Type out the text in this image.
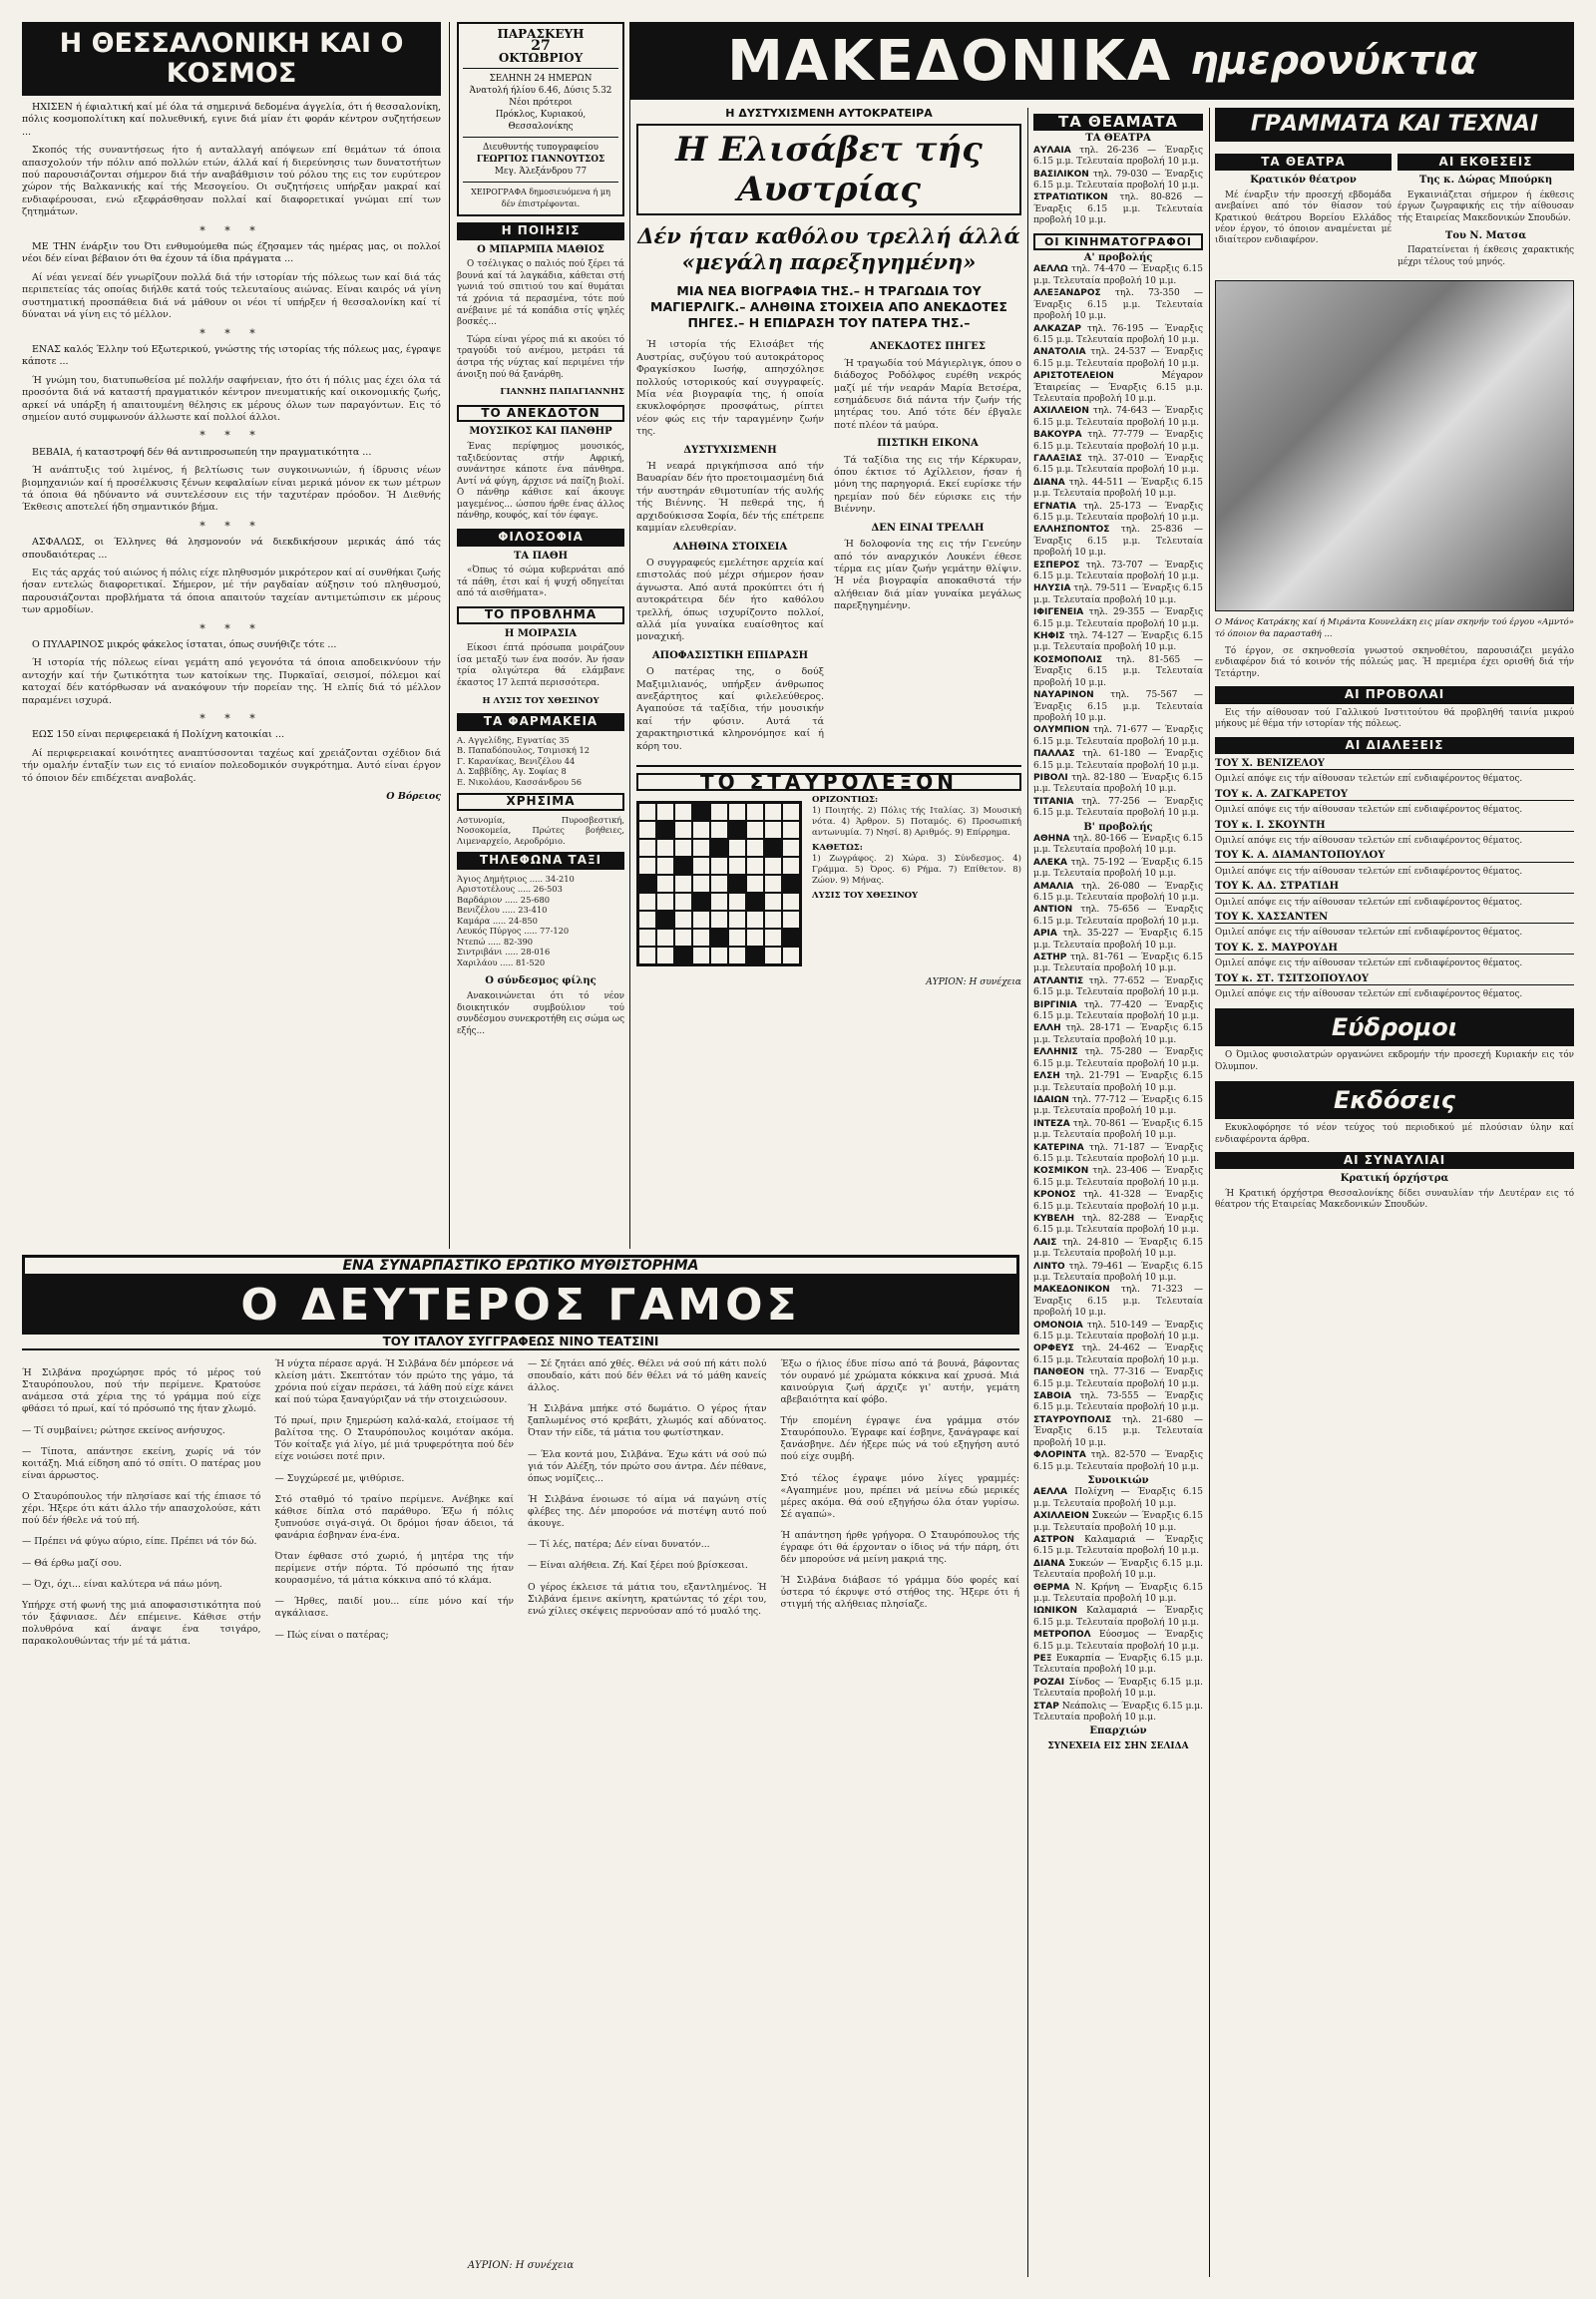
Η ΘΕΣΣΑΛΟΝΙΚΗ ΚΑΙ Ο ΚΟΣΜΟΣ

ΗΧΙΣΕΝ ή έφιαλτική καί μέ όλα τά σημερινά δεδομένα άγγελία, ότι ή θεσσαλονίκη, πόλις κοσμοπολίτικη καί πολυεθνική, εγινε διά μίαν έτι φοράν κέντρον συζητήσεων ...

Σκοπός τής συναντήσεως ήτο ή ανταλλαγή απόψεων επί θεμάτων τά όποια απασχολούν τήν πόλιν από πολλών ετών, άλλά καί ή διερεύνησις των δυνατοτήτων πού παρουσιάζονται σήμερον διά τήν αναβάθμισιν τού ρόλου της εις τον ευρύτερον χώρον τής Βαλκανικής καί τής Μεσογείου. Οι συζητήσεις υπήρξαν μακραί καί ενδιαφέρουσαι, ενώ εξεφράσθησαν πολλαί καί διαφορετικαί γνώμαι επί των ζητημάτων.

* * *

ΜΕ ΤΗΝ ένάρξιν του Ότι ενθυμούμεθα πώς έζησαμεν τάς ημέρας μας, οι πολλοί νέοι δέν είναι βέβαιον ότι θα έχουν τά ίδια πράγματα ...

Αί νέαι γενεαί δέν γνωρίζουν πολλά διά τήν ιστορίαν τής πόλεως των καί διά τάς περιπετείας τάς οποίας διήλθε κατά τούς τελευταίους αιώνας. Είναι καιρός νά γίνη συστηματική προσπάθεια διά νά μάθουν οι νέοι τί υπήρξεν ή θεσσαλονίκη καί τί δύναται νά γίνη εις τό μέλλον.

* * *

ΕΝΑΣ καλός Έλλην τού Εξωτερικού, γνώστης τής ιστορίας τής πόλεως μας, έγραψε κάποτε ...

Ή γνώμη του, διατυπωθείσα μέ πολλήν σαφήνειαν, ήτο ότι ή πόλις μας έχει όλα τά προσόντα διά νά καταστή πραγματικόν κέντρον πνευματικής καί οικονομικής ζωής, αρκεί νά υπάρξη ή απαιτουμένη θέλησις εκ μέρους όλων των παραγόντων. Εις τό σημείον αυτό συμφωνούν άλλωστε καί πολλοί άλλοι.

* * *

ΒΕΒΑΙΑ, ή καταστροφή δέν θά αντιπροσωπεύη την πραγματικότητα ...

Ή ανάπτυξις τού λιμένος, ή βελτίωσις των συγκοινωνιών, ή ίδρυσις νέων βιομηχανιών καί ή προσέλκυσις ξένων κεφαλαίων είναι μερικά μόνον εκ των μέτρων τά όποια θά ηδύναντο νά συντελέσουν εις τήν ταχυτέραν πρόοδον. Ή Διεθνής Έκθεσις αποτελεί ήδη σημαντικόν βήμα.

* * *

ΑΣΦΑΛΩΣ, οι Έλληνες θά λησμονούν νά διεκδικήσουν μερικάς άπό τάς σπουδαιότερας ...

Εις τάς αρχάς τού αιώνος ή πόλις είχε πληθυσμόν μικρότερον καί αί συνθήκαι ζωής ήσαν εντελώς διαφορετικαί. Σήμερον, μέ τήν ραγδαίαν αύξησιν τού πληθυσμού, παρουσιάζονται προβλήματα τά όποια απαιτούν ταχείαν αντιμετώπισιν εκ μέρους των αρμοδίων.

* * *

Ο ΠΥΛΑΡΙΝΟΣ μικρός φάκελος ίσταται, όπως συνήθιζε τότε ...

Ή ιστορία τής πόλεως είναι γεμάτη από γεγονότα τά όποια αποδεικνύουν τήν αντοχήν καί τήν ζωτικότητα των κατοίκων της. Πυρκαϊαί, σεισμοί, πόλεμοι καί κατοχαί δέν κατόρθωσαν νά ανακόψουν τήν πορείαν της. Ή ελπίς διά τό μέλλον παραμένει ισχυρά.

* * *

ΕΩΣ 150 είναι περιφερειακά ή Πολίχνη κατοικίαι ...

Αί περιφερειακαί κοινότητες αναπτύσσονται ταχέως καί χρειάζονται σχέδιον διά τήν ομαλήν ένταξίν των εις τό ενιαίον πολεοδομικόν συγκρότημα. Αυτό είναι έργον τό όποιον δέν επιδέχεται αναβολάς.

Ο Βόρειος
ΠΑΡΑΣΚΕΥΗ
27
ΟΚΤΩΒΡΙΟΥ
ΣΕΛΗΝΗ 24 ΗΜΕΡΩΝ
Άνατολή ήλίου 6.46, Δύσις 5.32
Νέοι πρότεροι
Πρόκλος, Κυριακού, Θεσσαλονίκης
Διευθυντής τυπογραφείου
ΓΕΩΡΓΙΟΣ ΓΙΑΝΝΟΥΤΣΟΣ
Μεγ. Άλεξάνδρου 77
ΧΕΙΡΟΓΡΑΦΑ δημοσιευόμενα ή μη δέν έπιστρέφονται.
Η ΠΟΙΗΣΙΣ
Ο ΜΠΑΡΜΠΑ ΜΑΘΙΟΣ

Ο τσέλιγκας ο παλιός πού ξέρει τά βουνά καί τά λαγκάδια, κάθεται στή γωνιά τού σπιτιού του καί θυμάται τά χρόνια τά περασμένα, τότε πού ανέβαινε μέ τά κοπάδια στίς ψηλές βοσκές...

Τώρα είναι γέρος πιά κι ακούει τό τραγούδι τού ανέμου, μετράει τά άστρα τής νύχτας καί περιμένει τήν άνοιξη πού θά ξανάρθη.

ΓΙΑΝΝΗΣ ΠΑΠΑΓΙΑΝΝΗΣ
ΤΟ ΑΝΕΚΔΟΤΟΝ
ΜΟΥΣΙΚΟΣ ΚΑΙ ΠΑΝΘΗΡ

Ένας περίφημος μουσικός, ταξιδεύοντας στήν Αφρική, συνάντησε κάποτε ένα πάνθηρα. Αντί νά φύγη, άρχισε νά παίζη βιολί. Ο πάνθηρ κάθισε καί άκουγε μαγεμένος... ώσπου ήρθε ένας άλλος πάνθηρ, κουφός, καί τόν έφαγε.

ΦΙΛΟΣΟΦΙΑ
ΤΑ ΠΑΘΗ

«Όπως τό σώμα κυβερνάται από τά πάθη, έτσι καί ή ψυχή οδηγείται από τά αισθήματα».

ΤΟ ΠΡΟΒΛΗΜΑ
Η ΜΟΙΡΑΣΙΑ

Είκοσι έπτά πρόσωπα μοιράζουν ίσα μεταξύ των ένα ποσόν. Άν ήσαν τρία ολιγώτερα θά ελάμβανε έκαστος 17 λεπτά περισσότερα.

Η ΛΥΣΙΣ ΤΟΥ ΧΘΕΣΙΝΟΥ
ΤΑ ΦΑΡΜΑΚΕΙΑ
Α. Αγγελίδης, Εγνατίας 35
Β. Παπαδόπουλος, Τσιμισκή 12
Γ. Καρανίκας, Βενιζέλου 44
Δ. Σαββίδης, Αγ. Σοφίας 8
Ε. Νικολάου, Κασσάνδρου 56
ΧΡΗΣΙΜΑ
Αστυνομία, Πυροσβεστική, Νοσοκομεία, Πρώτες βοήθειες, Λιμεναρχείο, Αεροδρόμιο.
ΤΗΛΕΦΩΝΑ ΤΑΞΙ
Άγιος Δημήτριος ..... 34-210
Αριστοτέλους ..... 26-503
Βαρδάριον ..... 25-680
Βενιζέλου ..... 23-410
Καμάρα ..... 24-850
Λευκός Πύργος ..... 77-120
Ντεπώ ..... 82-390
Σιντριβάνι ..... 28-016
Χαριλάου ..... 81-520
Ο σύνδεσμος φίλης

Ανακοινώνεται ότι τό νέον διοικητικόν συμβούλιον τού συνδέσμου συνεκροτήθη εις σώμα ως εξής...

ΜΑΚΕΔΟΝΙΚΑ ημερονύκτια
Η ΔΥΣΤΥΧΙΣΜΕΝΗ ΑΥΤΟΚΡΑΤΕΙΡΑ
Η Ελισάβετ τής Αυστρίας
Δέν ήταν καθόλου τρελλή άλλά «μεγάλη παρεξηγημένη»
ΜΙΑ ΝΕΑ ΒΙΟΓΡΑΦΙΑ ΤΗΣ.– Η ΤΡΑΓΩΔΙΑ ΤΟΥ ΜΑΓΙΕΡΛΙΓΚ.– ΑΛΗΘΙΝΑ ΣΤΟΙΧΕΙΑ ΑΠΟ ΑΝΕΚΔΟΤΕΣ ΠΗΓΕΣ.– Η ΕΠΙΔΡΑΣΗ ΤΟΥ ΠΑΤΕΡΑ ΤΗΣ.–

Ή ιστορία τής Ελισάβετ τής Αυστρίας, συζύγου τού αυτοκράτορος Φραγκίσκου Ιωσήφ, απησχόλησε πολλούς ιστορικούς καί συγγραφείς. Μία νέα βιογραφία της, ή οποία εκυκλοφόρησε προσφάτως, ρίπτει νέον φώς εις τήν ταραγμένην ζωήν της.

ΔΥΣΤΥΧΙΣΜΕΝΗ

Ή νεαρά πριγκήπισσα από τήν Βαυαρίαν δέν ήτο προετοιμασμένη διά τήν αυστηράν εθιμοτυπίαν τής αυλής τής Βιέννης. Ή πεθερά της, ή αρχιδούκισσα Σοφία, δέν τής επέτρεπε καμμίαν ελευθερίαν.

ΑΛΗΘΙΝΑ ΣΤΟΙΧΕΙΑ

Ο συγγραφεύς εμελέτησε αρχεία καί επιστολάς πού μέχρι σήμερον ήσαν άγνωστα. Από αυτά προκύπτει ότι ή αυτοκράτειρα δέν ήτο καθόλου τρελλή, όπως ισχυρίζοντο πολλοί, αλλά μία γυναίκα ευαίσθητος καί μοναχική.

ΑΠΟΦΑΣΙΣΤΙΚΗ ΕΠΙΔΡΑΣΗ

Ο πατέρας της, ο δούξ Μαξιμιλιανός, υπήρξεν άνθρωπος ανεξάρτητος καί φιλελεύθερος. Αγαπούσε τά ταξίδια, τήν μουσικήν καί τήν φύσιν. Αυτά τά χαρακτηριστικά κληρονόμησε καί ή κόρη του.

ΑΝΕΚΔΟΤΕΣ ΠΗΓΕΣ

Ή τραγωδία τού Μάγιερλιγκ, όπου ο διάδοχος Ροδόλφος ευρέθη νεκρός μαζί μέ τήν νεαράν Μαρία Βετσέρα, εσημάδευσε διά πάντα τήν ζωήν τής μητέρας του. Από τότε δέν έβγαλε ποτέ πλέον τά μαύρα.

ΠΙΣΤΙΚΗ ΕΙΚΟΝΑ

Τά ταξίδια της εις τήν Κέρκυραν, όπου έκτισε τό Αχίλλειον, ήσαν ή μόνη της παρηγοριά. Εκεί ευρίσκε τήν ηρεμίαν πού δέν εύρισκε εις τήν Βιέννην.

ΔΕΝ ΕΙΝΑΙ ΤΡΕΛΛΗ

Ή δολοφονία της εις τήν Γενεύην από τόν αναρχικόν Λουκένι έθεσε τέρμα εις μίαν ζωήν γεμάτην θλίψιν. Ή νέα βιογραφία αποκαθιστά τήν αλήθειαν διά μίαν γυναίκα μεγάλως παρεξηγημένην.

ΤΟ ΣΤΑΥΡΟΛΕΞΟΝ
ΟΡΙΖΟΝΤΙΩΣ:
1) Ποιητής. 2) Πόλις τής Ιταλίας. 3) Μουσική νότα. 4) Άρθρον. 5) Ποταμός. 6) Προσωπική αντωνυμία. 7) Νησί. 8) Αριθμός. 9) Επίρρημα.
ΚΑΘΕΤΩΣ:
1) Ζωγράφος. 2) Χώρα. 3) Σύνδεσμος. 4) Γράμμα. 5) Όρος. 6) Ρήμα. 7) Επίθετον. 8) Ζώον. 9) Μήνας.
ΛΥΣΙΣ ΤΟΥ ΧΘΕΣΙΝΟΥ
ΑΥΡΙΟΝ: Η συνέχεια
ΤΑ ΘΕΑΜΑΤΑ
ΤΑ ΘΕΑΤΡΑ
ΑΥΛΑΙΑ τηλ. 26-236 — Έναρξις 6.15 μ.μ. Τελευταία προβολή 10 μ.μ.
ΒΑΣΙΛΙΚΟΝ τηλ. 79-030 — Έναρξις 6.15 μ.μ. Τελευταία προβολή 10 μ.μ.
ΣΤΡΑΤΙΩΤΙΚΟΝ τηλ. 80-826 — Έναρξις 6.15 μ.μ. Τελευταία προβολή 10 μ.μ.
ΟΙ ΚΙΝΗΜΑΤΟΓΡΑΦΟΙ
Α' προβολής
ΑΕΛΛΩ τηλ. 74-470 — Έναρξις 6.15 μ.μ. Τελευταία προβολή 10 μ.μ.
ΑΛΕΞΑΝΔΡΟΣ τηλ. 73-350 — Έναρξις 6.15 μ.μ. Τελευταία προβολή 10 μ.μ.
ΑΛΚΑΖΑΡ τηλ. 76-195 — Έναρξις 6.15 μ.μ. Τελευταία προβολή 10 μ.μ.
ΑΝΑΤΟΛΙΑ τηλ. 24-537 — Έναρξις 6.15 μ.μ. Τελευταία προβολή 10 μ.μ.
ΑΡΙΣΤΟΤΕΛΕΙΟΝ Μέγαρον Έταιρείας — Έναρξις 6.15 μ.μ. Τελευταία προβολή 10 μ.μ.
ΑΧΙΛΛΕΙΟΝ τηλ. 74-643 — Έναρξις 6.15 μ.μ. Τελευταία προβολή 10 μ.μ.
ΒΑΚΟΥΡΑ τηλ. 77-779 — Έναρξις 6.15 μ.μ. Τελευταία προβολή 10 μ.μ.
ΓΑΛΑΞΙΑΣ τηλ. 37-010 — Έναρξις 6.15 μ.μ. Τελευταία προβολή 10 μ.μ.
ΔΙΑΝΑ τηλ. 44-511 — Έναρξις 6.15 μ.μ. Τελευταία προβολή 10 μ.μ.
ΕΓΝΑΤΙΑ τηλ. 25-173 — Έναρξις 6.15 μ.μ. Τελευταία προβολή 10 μ.μ.
ΕΛΛΗΣΠΟΝΤΟΣ τηλ. 25-836 — Έναρξις 6.15 μ.μ. Τελευταία προβολή 10 μ.μ.
ΕΣΠΕΡΟΣ τηλ. 73-707 — Έναρξις 6.15 μ.μ. Τελευταία προβολή 10 μ.μ.
ΗΛΥΣΙΑ τηλ. 79-511 — Έναρξις 6.15 μ.μ. Τελευταία προβολή 10 μ.μ.
ΙΦΙΓΕΝΕΙΑ τηλ. 29-355 — Έναρξις 6.15 μ.μ. Τελευταία προβολή 10 μ.μ.
ΚΗΦΙΣ τηλ. 74-127 — Έναρξις 6.15 μ.μ. Τελευταία προβολή 10 μ.μ.
ΚΟΣΜΟΠΟΛΙΣ τηλ. 81-565 — Έναρξις 6.15 μ.μ. Τελευταία προβολή 10 μ.μ.
ΝΑΥΑΡΙΝΟΝ τηλ. 75-567 — Έναρξις 6.15 μ.μ. Τελευταία προβολή 10 μ.μ.
ΟΛΥΜΠΙΟΝ τηλ. 71-677 — Έναρξις 6.15 μ.μ. Τελευταία προβολή 10 μ.μ.
ΠΑΛΛΑΣ τηλ. 61-180 — Έναρξις 6.15 μ.μ. Τελευταία προβολή 10 μ.μ.
ΡΙΒΟΛΙ τηλ. 82-180 — Έναρξις 6.15 μ.μ. Τελευταία προβολή 10 μ.μ.
ΤΙΤΑΝΙΑ τηλ. 77-256 — Έναρξις 6.15 μ.μ. Τελευταία προβολή 10 μ.μ.
Β' προβολής
ΑΘΗΝΑ τηλ. 80-166 — Έναρξις 6.15 μ.μ. Τελευταία προβολή 10 μ.μ.
ΑΛΕΚΑ τηλ. 75-192 — Έναρξις 6.15 μ.μ. Τελευταία προβολή 10 μ.μ.
ΑΜΑΛΙΑ τηλ. 26-080 — Έναρξις 6.15 μ.μ. Τελευταία προβολή 10 μ.μ.
ΑΝΤΙΟΝ τηλ. 75-656 — Έναρξις 6.15 μ.μ. Τελευταία προβολή 10 μ.μ.
ΑΡΙΑ τηλ. 35-227 — Έναρξις 6.15 μ.μ. Τελευταία προβολή 10 μ.μ.
ΑΣΤΗΡ τηλ. 81-761 — Έναρξις 6.15 μ.μ. Τελευταία προβολή 10 μ.μ.
ΑΤΛΑΝΤΙΣ τηλ. 77-652 — Έναρξις 6.15 μ.μ. Τελευταία προβολή 10 μ.μ.
ΒΙΡΓΙΝΙΑ τηλ. 77-420 — Έναρξις 6.15 μ.μ. Τελευταία προβολή 10 μ.μ.
ΕΛΛΗ τηλ. 28-171 — Έναρξις 6.15 μ.μ. Τελευταία προβολή 10 μ.μ.
ΕΛΛΗΝΙΣ τηλ. 75-280 — Έναρξις 6.15 μ.μ. Τελευταία προβολή 10 μ.μ.
ΕΛΣΗ τηλ. 21-791 — Έναρξις 6.15 μ.μ. Τελευταία προβολή 10 μ.μ.
ΙΔΑΙΩΝ τηλ. 77-712 — Έναρξις 6.15 μ.μ. Τελευταία προβολή 10 μ.μ.
ΙΝΤΕΖΑ τηλ. 70-861 — Έναρξις 6.15 μ.μ. Τελευταία προβολή 10 μ.μ.
ΚΑΤΕΡΙΝΑ τηλ. 71-187 — Έναρξις 6.15 μ.μ. Τελευταία προβολή 10 μ.μ.
ΚΟΣΜΙΚΟΝ τηλ. 23-406 — Έναρξις 6.15 μ.μ. Τελευταία προβολή 10 μ.μ.
ΚΡΟΝΟΣ τηλ. 41-328 — Έναρξις 6.15 μ.μ. Τελευταία προβολή 10 μ.μ.
ΚΥΒΕΛΗ τηλ. 82-288 — Έναρξις 6.15 μ.μ. Τελευταία προβολή 10 μ.μ.
ΛΑΙΣ τηλ. 24-810 — Έναρξις 6.15 μ.μ. Τελευταία προβολή 10 μ.μ.
ΛΙΝΤΟ τηλ. 79-461 — Έναρξις 6.15 μ.μ. Τελευταία προβολή 10 μ.μ.
ΜΑΚΕΔΟΝΙΚΟΝ τηλ. 71-323 — Έναρξις 6.15 μ.μ. Τελευταία προβολή 10 μ.μ.
ΟΜΟΝΟΙΑ τηλ. 510-149 — Έναρξις 6.15 μ.μ. Τελευταία προβολή 10 μ.μ.
ΟΡΦΕΥΣ τηλ. 24-462 — Έναρξις 6.15 μ.μ. Τελευταία προβολή 10 μ.μ.
ΠΑΝΘΕΟΝ τηλ. 77-316 — Έναρξις 6.15 μ.μ. Τελευταία προβολή 10 μ.μ.
ΣΑΒΟΙΑ τηλ. 73-555 — Έναρξις 6.15 μ.μ. Τελευταία προβολή 10 μ.μ.
ΣΤΑΥΡΟΥΠΟΛΙΣ τηλ. 21-680 — Έναρξις 6.15 μ.μ. Τελευταία προβολή 10 μ.μ.
ΦΛΟΡΙΝΤΑ τηλ. 82-570 — Έναρξις 6.15 μ.μ. Τελευταία προβολή 10 μ.μ.
Συνοικιών
ΑΕΛΛΑ Πολίχνη — Έναρξις 6.15 μ.μ. Τελευταία προβολή 10 μ.μ.
ΑΧΙΛΛΕΙΟΝ Συκεών — Έναρξις 6.15 μ.μ. Τελευταία προβολή 10 μ.μ.
ΑΣΤΡΟΝ Καλαμαριά — Έναρξις 6.15 μ.μ. Τελευταία προβολή 10 μ.μ.
ΔΙΑΝΑ Συκεών — Έναρξις 6.15 μ.μ. Τελευταία προβολή 10 μ.μ.
ΘΕΡΜΑ Ν. Κρήνη — Έναρξις 6.15 μ.μ. Τελευταία προβολή 10 μ.μ.
ΙΩΝΙΚΟΝ Καλαμαριά — Έναρξις 6.15 μ.μ. Τελευταία προβολή 10 μ.μ.
ΜΕΤΡΟΠΟΛ Εύοσμος — Έναρξις 6.15 μ.μ. Τελευταία προβολή 10 μ.μ.
ΡΕΞ Ευκαρπία — Έναρξις 6.15 μ.μ. Τελευταία προβολή 10 μ.μ.
ΡΟΖΑΙ Σίνδος — Έναρξις 6.15 μ.μ. Τελευταία προβολή 10 μ.μ.
ΣΤΑΡ Νεάπολις — Έναρξις 6.15 μ.μ. Τελευταία προβολή 10 μ.μ.
Επαρχιών
ΣΥΝΕΧΕΙΑ ΕΙΣ ΣΗΝ ΣΕΛΙΔΑ
ΓΡΑΜΜΑΤΑ ΚΑΙ ΤΕΧΝΑΙ
ΤΑ ΘΕΑΤΡΑ
Κρατικόν θέατρον

Μέ έναρξιν τήν προσεχή εβδομάδα ανεβαίνει από τόν θίασον τού Κρατικού θεάτρου Βορείου Ελλάδος νέον έργον, τό όποιον αναμένεται μέ ιδιαίτερον ενδιαφέρον.

ΑΙ ΕΚΘΕΣΕΙΣ
Της κ. Δώρας Μπούρκη

Εγκαινιάζεται σήμερον ή έκθεσις έργων ζωγραφικής εις τήν αίθουσαν τής Εταιρείας Μακεδονικών Σπουδών.

Του Ν. Ματσα

Παρατείνεται ή έκθεσις χαρακτικής μέχρι τέλους τού μηνός.

Ο Μάνος Κατράκης καί ή Μιράντα Κουνελάκη εις μίαν σκηνήν τού έργου «Αμντό» τό όποιον θα παρασταθή ...

Τό έργον, σε σκηνοθεσία γνωστού σκηνοθέτου, παρουσιάζει μεγάλο ενδιαφέρον διά τό κοινόν τής πόλεώς μας. Ή πρεμιέρα έχει ορισθή διά τήν Τετάρτην.

ΑΙ ΠΡΟΒΟΛΑΙ

Εις τήν αίθουσαν τού Γαλλικού Ινστιτούτου θά προβληθή ταινία μικρού μήκους μέ θέμα τήν ιστορίαν τής πόλεως.

ΑΙ ΔΙΑΛΕΞΕΙΣ
ΤΟΥ Χ. ΒΕΝΙΖΕΛΟΥ
Ομιλεί απόψε εις τήν αίθουσαν τελετών επί ενδιαφέροντος θέματος.
ΤΟΥ κ. Α. ΖΑΓΚΑΡΕΤΟΥ
Ομιλεί απόψε εις τήν αίθουσαν τελετών επί ενδιαφέροντος θέματος.
ΤΟΥ κ. Ι. ΣΚΟΥΝΤΗ
Ομιλεί απόψε εις τήν αίθουσαν τελετών επί ενδιαφέροντος θέματος.
ΤΟΥ Κ. Α. ΔΙΑΜΑΝΤΟΠΟΥΛΟΥ
Ομιλεί απόψε εις τήν αίθουσαν τελετών επί ενδιαφέροντος θέματος.
ΤΟΥ Κ. ΑΔ. ΣΤΡΑΤΙΔΗ
Ομιλεί απόψε εις τήν αίθουσαν τελετών επί ενδιαφέροντος θέματος.
ΤΟΥ Κ. ΧΑΣΣΑΝΤΕΝ
Ομιλεί απόψε εις τήν αίθουσαν τελετών επί ενδιαφέροντος θέματος.
ΤΟΥ Κ. Σ. ΜΑΥΡΟΥΔΗ
Ομιλεί απόψε εις τήν αίθουσαν τελετών επί ενδιαφέροντος θέματος.
ΤΟΥ κ. ΣΤ. ΤΣΙΤΣΟΠΟΥΛΟΥ
Ομιλεί απόψε εις τήν αίθουσαν τελετών επί ενδιαφέροντος θέματος.
Εύδρομοι

Ο Όμιλος φυσιολατρών οργανώνει εκδρομήν τήν προσεχή Κυριακήν εις τόν Όλυμπον.

Εκδόσεις

Εκυκλοφόρησε τό νέον τεύχος τού περιοδικού μέ πλούσιαν ύλην καί ενδιαφέροντα άρθρα.

ΑΙ ΣΥΝΑΥΛΙΑΙ
Κρατική όρχήστρα

Ή Κρατική όρχήστρα Θεσσαλονίκης δίδει συναυλίαν τήν Δευτέραν εις τό θέατρον τής Εταιρείας Μακεδονικών Σπουδών.

ΕΝΑ ΣΥΝΑΡΠΑΣΤΙΚΟ ΕΡΩΤΙΚΟ ΜΥΘΙΣΤΟΡΗΜΑ
Ο ΔΕΥΤΕΡΟΣ ΓΑΜΟΣ
ΤΟΥ ΙΤΑΛΟΥ ΣΥΓΓΡΑΦΕΩΣ ΝΙΝΟ ΤΕΑΤΣΙΝΙ

Ή Σιλβάνα προχώρησε πρός τό μέρος τού Σταυρόπουλου, πού τήν περίμενε. Κρατούσε ανάμεσα στά χέρια της τό γράμμα πού είχε φθάσει τό πρωί, καί τό πρόσωπό της ήταν χλωμό.

— Τί συμβαίνει; ρώτησε εκείνος ανήσυχος.

— Τίποτα, απάντησε εκείνη, χωρίς νά τόν κοιτάξη. Μιά είδηση από τό σπίτι. Ο πατέρας μου είναι άρρωστος.

Ο Σταυρόπουλος τήν πλησίασε καί τής έπιασε τό χέρι. Ήξερε ότι κάτι άλλο τήν απασχολούσε, κάτι πού δέν ήθελε νά τού πή.

— Πρέπει νά φύγω αύριο, είπε. Πρέπει νά τόν δώ.

— Θά έρθω μαζί σου.

— Όχι, όχι... είναι καλύτερα νά πάω μόνη.

Υπήρχε στή φωνή της μιά αποφασιστικότητα πού τόν ξάφνιασε. Δέν επέμεινε. Κάθισε στήν πολυθρόνα καί άναψε ένα τσιγάρο, παρακολουθώντας τήν μέ τά μάτια.

Ή νύχτα πέρασε αργά. Ή Σιλβάνα δέν μπόρεσε νά κλείση μάτι. Σκεπτόταν τόν πρώτο της γάμο, τά χρόνια πού είχαν περάσει, τά λάθη πού είχε κάνει καί πού τώρα ξαναγύριζαν νά τήν στοιχειώσουν.

Τό πρωί, πριν ξημερώση καλά-καλά, ετοίμασε τή βαλίτσα της. Ο Σταυρόπουλος κοιμόταν ακόμα. Τόν κοίταξε γιά λίγο, μέ μιά τρυφερότητα πού δέν είχε νοιώσει ποτέ πριν.

— Συγχώρεσέ με, ψιθύρισε.

Στό σταθμό τό τραίνο περίμενε. Ανέβηκε καί κάθισε δίπλα στό παράθυρο. Έξω ή πόλις ξυπνούσε σιγά-σιγά. Οι δρόμοι ήσαν άδειοι, τά φανάρια έσβηναν ένα-ένα.

Όταν έφθασε στό χωριό, ή μητέρα της τήν περίμενε στήν πόρτα. Τό πρόσωπό της ήταν κουρασμένο, τά μάτια κόκκινα από τό κλάμα.

— Ήρθες, παιδί μου... είπε μόνο καί τήν αγκάλιασε.

— Πώς είναι ο πατέρας;

— Σέ ζητάει από χθές. Θέλει νά σού πή κάτι πολύ σπουδαίο, κάτι πού δέν θέλει νά τό μάθη κανείς άλλος.

Ή Σιλβάνα μπήκε στό δωμάτιο. Ο γέρος ήταν ξαπλωμένος στό κρεβάτι, χλωμός καί αδύνατος. Όταν τήν είδε, τά μάτια του φωτίστηκαν.

— Έλα κοντά μου, Σιλβάνα. Έχω κάτι νά σού πώ γιά τόν Αλέξη, τόν πρώτο σου άντρα. Δέν πέθανε, όπως νομίζεις...

Ή Σιλβάνα ένοιωσε τό αίμα νά παγώνη στίς φλέβες της. Δέν μπορούσε νά πιστέψη αυτό πού άκουγε.

— Τί λές, πατέρα; Δέν είναι δυνατόν...

— Είναι αλήθεια. Ζή. Καί ξέρει πού βρίσκεσαι.

Ο γέρος έκλεισε τά μάτια του, εξαντλημένος. Ή Σιλβάνα έμεινε ακίνητη, κρατώντας τό χέρι του, ενώ χίλιες σκέψεις περνούσαν από τό μυαλό της.

Έξω ο ήλιος έδυε πίσω από τά βουνά, βάφοντας τόν ουρανό μέ χρώματα κόκκινα καί χρυσά. Μιά καινούργια ζωή άρχιζε γι' αυτήν, γεμάτη αβεβαιότητα καί φόβο.

Τήν επομένη έγραψε ένα γράμμα στόν Σταυρόπουλο. Έγραφε καί έσβηνε, ξανάγραφε καί ξανάσβηνε. Δέν ήξερε πώς νά τού εξηγήση αυτό πού είχε συμβή.

Στό τέλος έγραψε μόνο λίγες γραμμές: «Αγαπημένε μου, πρέπει νά μείνω εδώ μερικές μέρες ακόμα. Θά σού εξηγήσω όλα όταν γυρίσω. Σέ αγαπώ».

Ή απάντηση ήρθε γρήγορα. Ο Σταυρόπουλος τής έγραφε ότι θά έρχονταν ο ίδιος νά τήν πάρη, ότι δέν μπορούσε νά μείνη μακριά της.

Ή Σιλβάνα διάβασε τό γράμμα δύο φορές καί ύστερα τό έκρυψε στό στήθος της. Ήξερε ότι ή στιγμή τής αλήθειας πλησίαζε.

ΑΥΡΙΟΝ: Η συνέχεια
